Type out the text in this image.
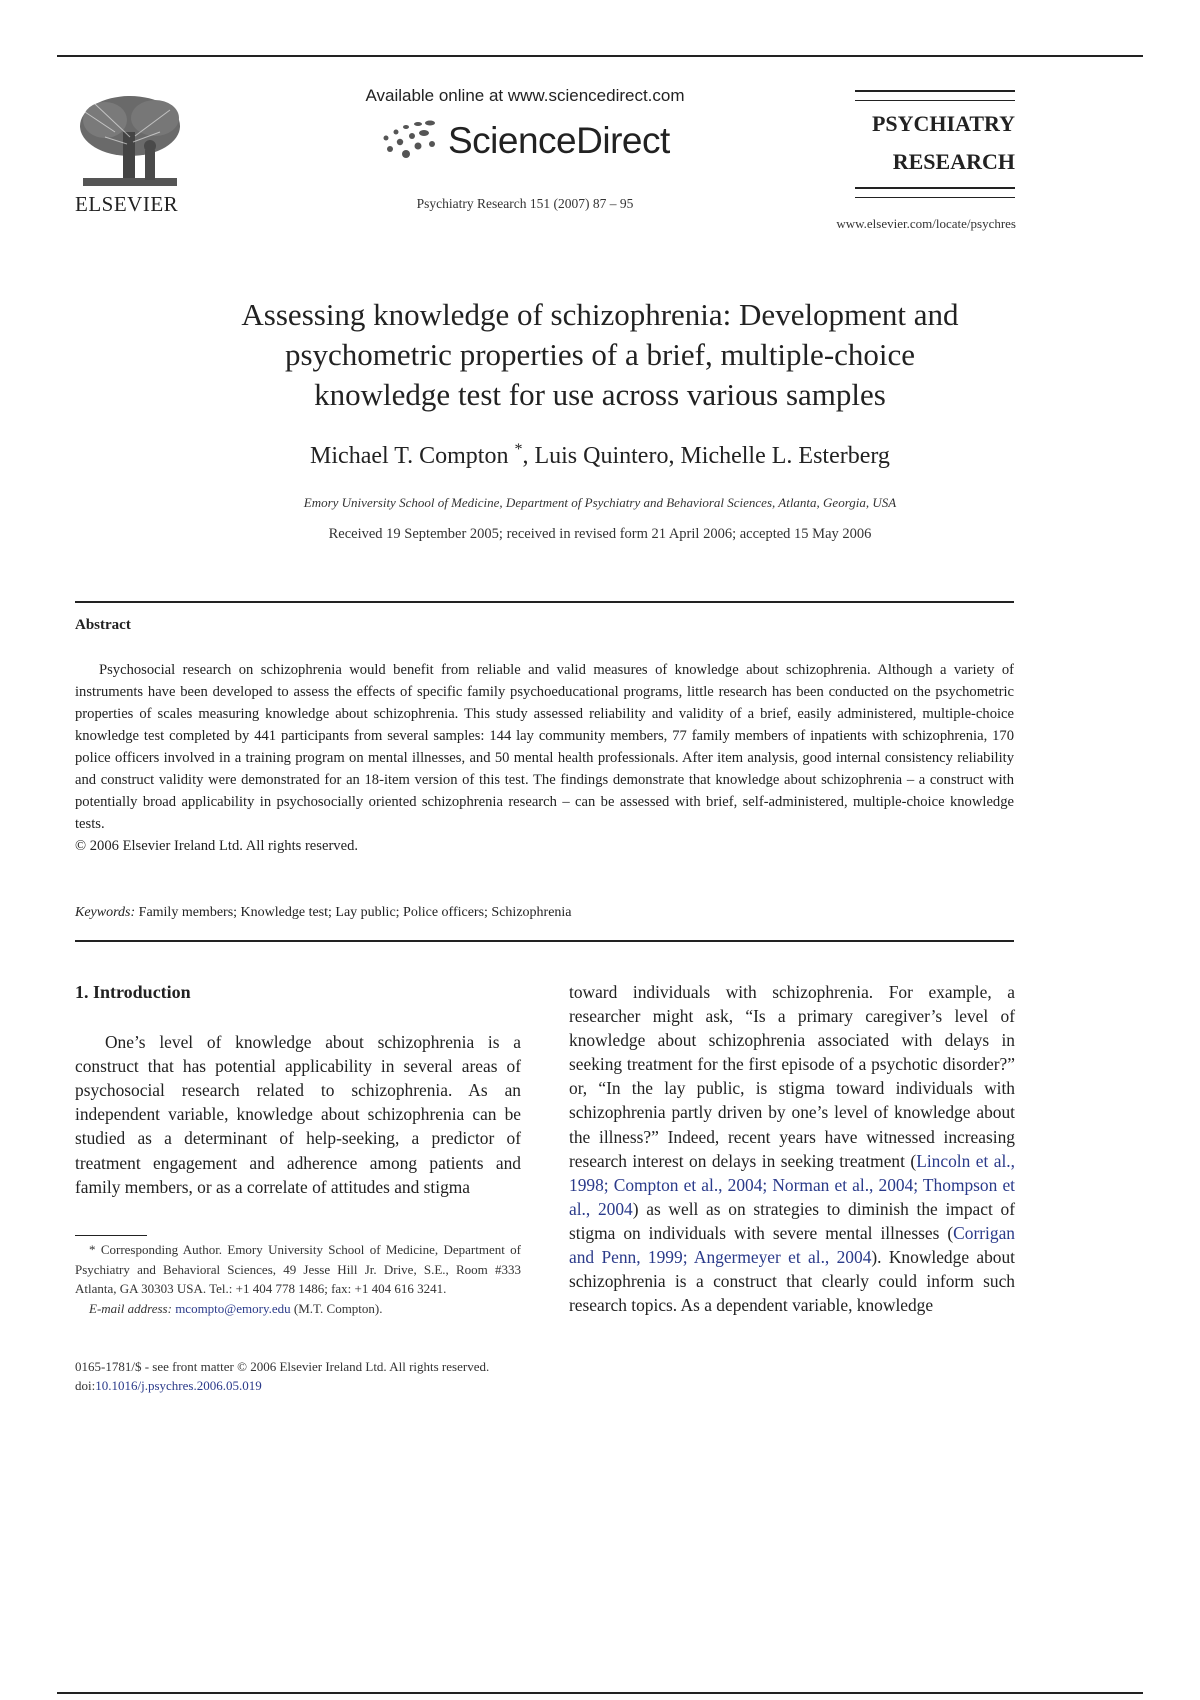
ELSEVIER
Available online at www.sciencedirect.com
ScienceDirect
Psychiatry Research 151 (2007) 87 – 95
PSYCHIATRY
RESEARCH
www.elsevier.com/locate/psychres
Assessing knowledge of schizophrenia: Development and
psychometric properties of a brief, multiple-choice
knowledge test for use across various samples
Michael T. Compton *, Luis Quintero, Michelle L. Esterberg
Emory University School of Medicine, Department of Psychiatry and Behavioral Sciences, Atlanta, Georgia, USA
Received 19 September 2005; received in revised form 21 April 2006; accepted 15 May 2006
Abstract
Psychosocial research on schizophrenia would benefit from reliable and valid measures of knowledge about schizophrenia. Although a variety of instruments have been developed to assess the effects of specific family psychoeducational programs, little research has been conducted on the psychometric properties of scales measuring knowledge about schizophrenia. This study assessed reliability and validity of a brief, easily administered, multiple-choice knowledge test completed by 441 participants from several samples: 144 lay community members, 77 family members of inpatients with schizophrenia, 170 police officers involved in a training program on mental illnesses, and 50 mental health professionals. After item analysis, good internal consistency reliability and construct validity were demonstrated for an 18-item version of this test. The findings demonstrate that knowledge about schizophrenia – a construct with potentially broad applicability in psychosocially oriented schizophrenia research – can be assessed with brief, self-administered, multiple-choice knowledge tests.
© 2006 Elsevier Ireland Ltd. All rights reserved.
Keywords: Family members; Knowledge test; Lay public; Police officers; Schizophrenia
1. Introduction

One’s level of knowledge about schizophrenia is a construct that has potential applicability in several areas of psychosocial research related to schizophrenia. As an independent variable, knowledge about schizophrenia can be studied as a determinant of help-seeking, a predictor of treatment engagement and adherence among patients and family members, or as a correlate of attitudes and stigma

toward individuals with schizophrenia. For example, a researcher might ask, “Is a primary caregiver’s level of knowledge about schizophrenia associated with delays in seeking treatment for the first episode of a psychotic disorder?” or, “In the lay public, is stigma toward individuals with schizophrenia partly driven by one’s level of knowledge about the illness?” Indeed, recent years have witnessed increasing research interest on delays in seeking treatment (Lincoln et al., 1998; Compton et al., 2004; Norman et al., 2004; Thompson et al., 2004) as well as on strategies to diminish the impact of stigma on individuals with severe mental illnesses (Corrigan and Penn, 1999; Angermeyer et al., 2004). Knowledge about schizophrenia is a construct that clearly could inform such research topics. As a dependent variable, knowledge

* Corresponding Author. Emory University School of Medicine, Department of Psychiatry and Behavioral Sciences, 49 Jesse Hill Jr. Drive, S.E., Room #333 Atlanta, GA 30303 USA. Tel.: +1 404 778 1486; fax: +1 404 616 3241.

E-mail address: mcompto@emory.edu (M.T. Compton).

0165-1781/$ - see front matter © 2006 Elsevier Ireland Ltd. All rights reserved.
doi:10.1016/j.psychres.2006.05.019
